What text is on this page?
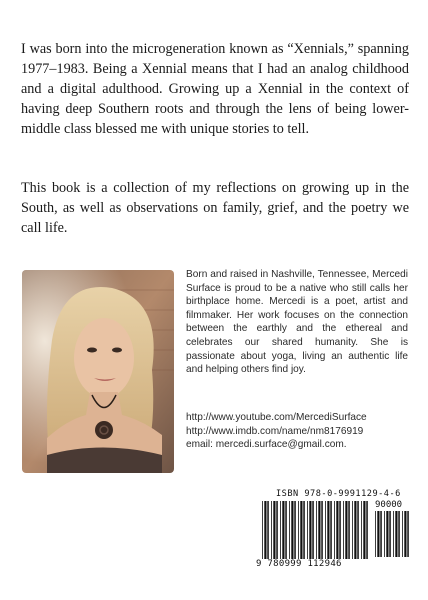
I was born into the microgeneration known as “Xennials,” spanning 1977–1983. Being a Xennial means that I had an analog childhood and a digital adulthood. Growing up a Xennial in the context of having deep Southern roots and through the lens of being lower-middle class blessed me with unique stories to tell.

This book is a collection of my reflections on growing up in the South, as well as observations on family, grief, and the poetry we call life.

Born and raised in Nashville, Tennessee, Mercedi Surface is proud to be a native who still calls her birthplace home. Mercedi is a poet, artist and filmmaker. Her work focuses on the connection between the earthly and the ethereal and celebrates our shared humanity. She is passionate about yoga, living an authentic life and helping others find joy.

http://www.youtube.com/MercediSurface
http://www.imdb.com/name/nm8176919
email: mercedi.surface@gmail.com.
ISBN 978-0-9991129-4-6
90000
9 780999 112946
